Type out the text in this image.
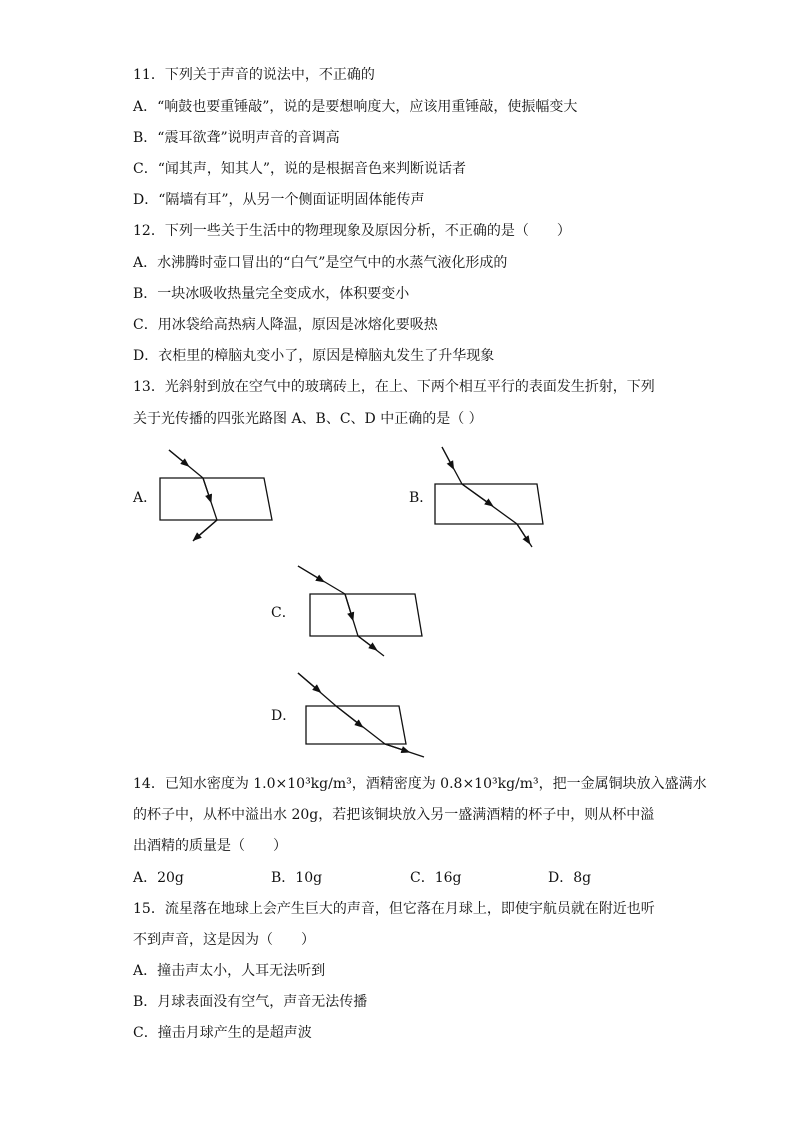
11．下列关于声音的说法中，不正确的
A．“响鼓也要重锤敲”，说的是要想响度大，应该用重锤敲，使振幅变大
B．“震耳欲聋”说明声音的音调高
C．“闻其声，知其人”，说的是根据音色来判断说话者
D．“隔墙有耳”，从另一个侧面证明固体能传声
12．下列一些关于生活中的物理现象及原因分析，不正确的是（　　）
A．水沸腾时壶口冒出的“白气”是空气中的水蒸气液化形成的
B．一块冰吸收热量完全变成水，体积要变小
C．用冰袋给高热病人降温，原因是冰熔化要吸热
D．衣柜里的樟脑丸变小了，原因是樟脑丸发生了升华现象
13．光斜射到放在空气中的玻璃砖上，在上、下两个相互平行的表面发生折射，下列
关于光传播的四张光路图 A、B、C、D 中正确的是（ ）
A．	B．
C．
D．
14．已知水密度为 1.0×10³kg/m³，酒精密度为 0.8×10³kg/m³，把一金属铜块放入盛满水
的杯子中，从杯中溢出水 20g，若把该铜块放入另一盛满酒精的杯子中，则从杯中溢
出酒精的质量是（　　）
A．20g	B．10g	C．16g	D．8g
15．流星落在地球上会产生巨大的声音，但它落在月球上，即使宇航员就在附近也听
不到声音，这是因为（　　）
A．撞击声太小，人耳无法听到
B．月球表面没有空气，声音无法传播
C．撞击月球产生的是超声波
